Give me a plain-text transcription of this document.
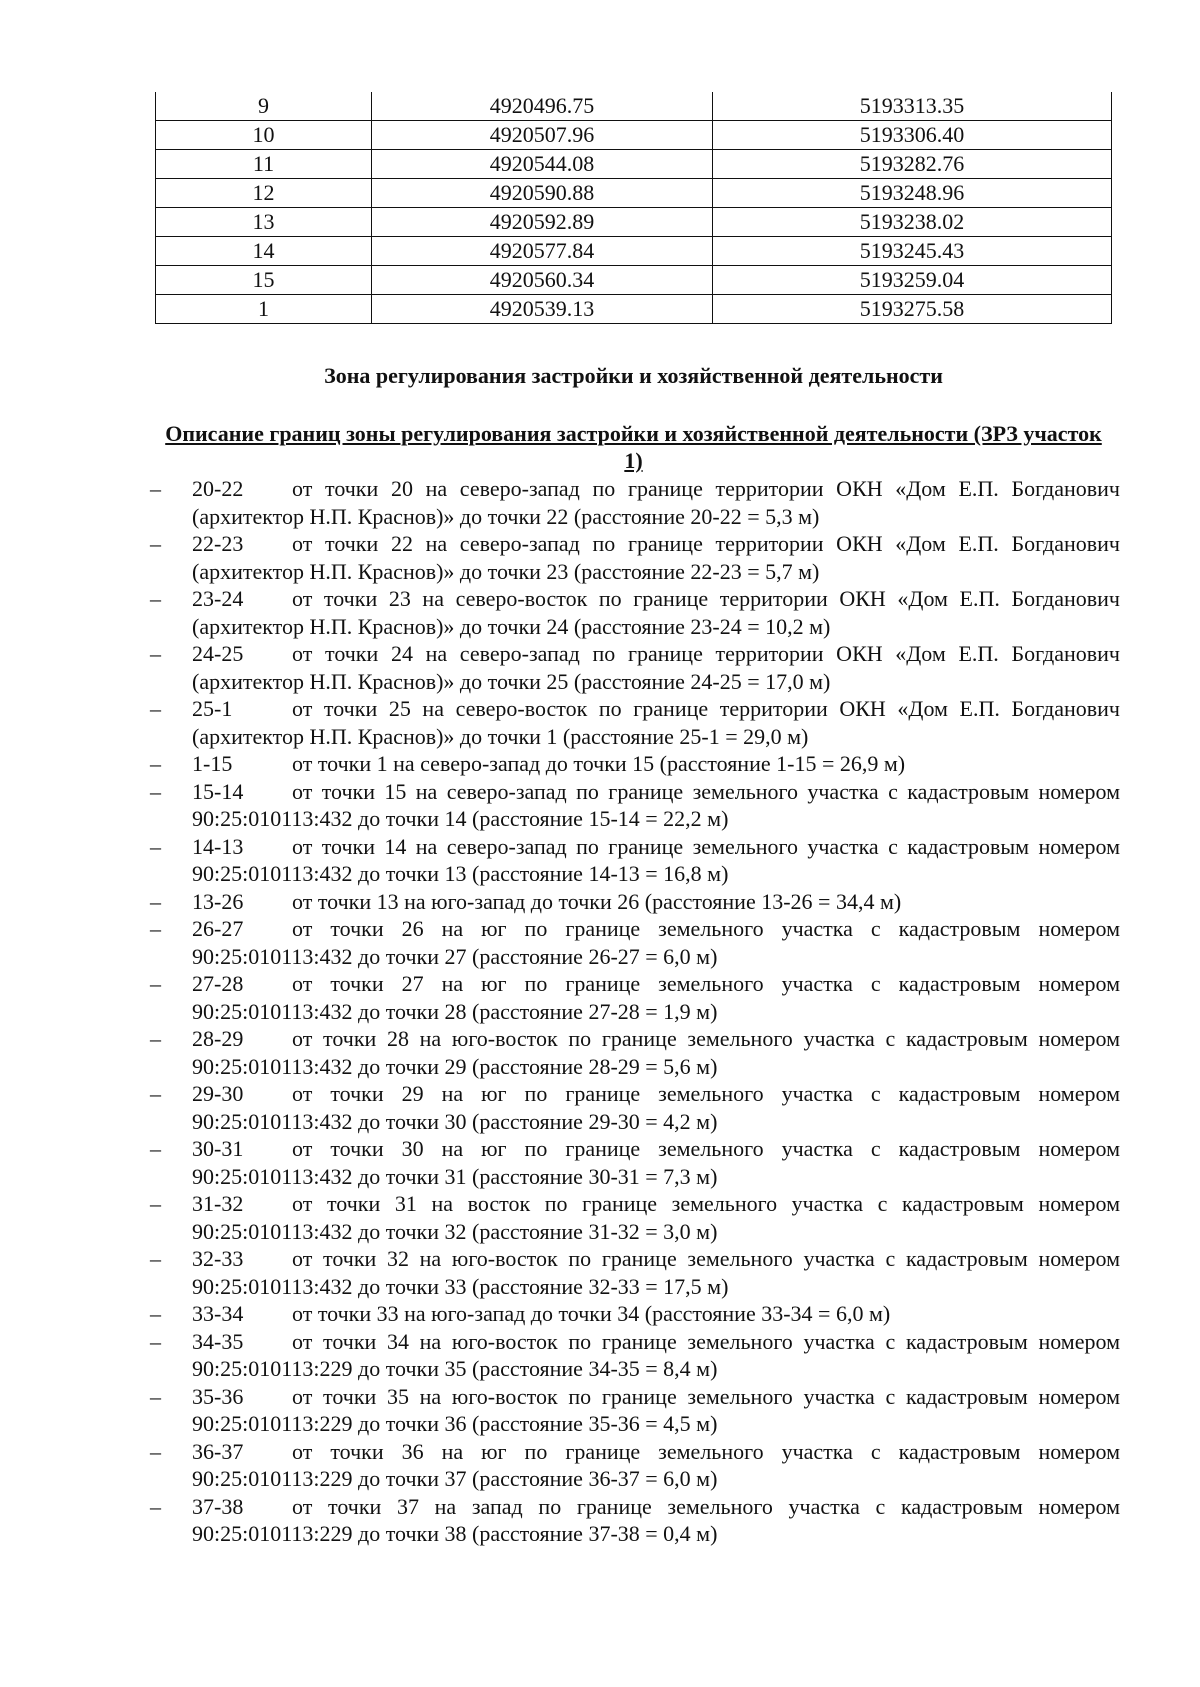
9	4920496.75	5193313.35
10	4920507.96	5193306.40
11	4920544.08	5193282.76
12	4920590.88	5193248.96
13	4920592.89	5193238.02
14	4920577.84	5193245.43
15	4920560.34	5193259.04
1	4920539.13	5193275.58
Зона регулирования застройки и хозяйственной деятельности
Описание границ зоны регулирования застройки и хозяйственной деятельности (ЗРЗ участок 1)
– 20-22 от точки 20 на северо-запад по границе территории ОКН «Дом Е.П. Богданович (архитектор Н.П. Краснов)» до точки 22 (расстояние 20-22 = 5,3 м)
– 22-23 от точки 22 на северо-запад по границе территории ОКН «Дом Е.П. Богданович (архитектор Н.П. Краснов)» до точки 23 (расстояние 22-23 = 5,7 м)
– 23-24 от точки 23 на северо-восток по границе территории ОКН «Дом Е.П. Богданович (архитектор Н.П. Краснов)» до точки 24 (расстояние 23-24 = 10,2 м)
– 24-25 от точки 24 на северо-запад по границе территории ОКН «Дом Е.П. Богданович (архитектор Н.П. Краснов)» до точки 25 (расстояние 24-25 = 17,0 м)
– 25-1	от точки 25 на северо-восток по границе территории ОКН «Дом Е.П. Богданович (архитектор Н.П. Краснов)» до точки 1 (расстояние 25-1 = 29,0 м)
– 1-15	от точки 1 на северо-запад до точки 15 (расстояние 1-15 = 26,9 м)
– 15-14 от точки 15 на северо-запад по границе земельного участка с кадастровым номером 90:25:010113:432 до точки 14 (расстояние 15-14 = 22,2 м)
– 14-13 от точки 14 на северо-запад по границе земельного участка с кадастровым номером 90:25:010113:432 до точки 13 (расстояние 14-13 = 16,8 м)
– 13-26 от точки 13 на юго-запад до точки 26 (расстояние 13-26 = 34,4 м)
– 26-27 от точки 26 на юг по границе земельного участка с кадастровым номером 90:25:010113:432 до точки 27 (расстояние 26-27 = 6,0 м)
– 27-28 от точки 27 на юг по границе земельного участка с кадастровым номером 90:25:010113:432 до точки 28 (расстояние 27-28 = 1,9 м)
– 28-29 от точки 28 на юго-восток по границе земельного участка с кадастровым номером 90:25:010113:432 до точки 29 (расстояние 28-29 = 5,6 м)
– 29-30 от точки 29 на юг по границе земельного участка с кадастровым номером 90:25:010113:432 до точки 30 (расстояние 29-30 = 4,2 м)
– 30-31 от точки 30 на юг по границе земельного участка с кадастровым номером 90:25:010113:432 до точки 31 (расстояние 30-31 = 7,3 м)
– 31-32 от точки 31 на восток по границе земельного участка с кадастровым номером 90:25:010113:432 до точки 32 (расстояние 31-32 = 3,0 м)
– 32-33 от точки 32 на юго-восток по границе земельного участка с кадастровым номером 90:25:010113:432 до точки 33 (расстояние 32-33 = 17,5 м)
– 33-34 от точки 33 на юго-запад до точки 34 (расстояние 33-34 = 6,0 м)
– 34-35 от точки 34 на юго-восток по границе земельного участка с кадастровым номером 90:25:010113:229 до точки 35 (расстояние 34-35 = 8,4 м)
– 35-36 от точки 35 на юго-восток по границе земельного участка с кадастровым номером 90:25:010113:229 до точки 36 (расстояние 35-36 = 4,5 м)
– 36-37 от точки 36 на юг по границе земельного участка с кадастровым номером 90:25:010113:229 до точки 37 (расстояние 36-37 = 6,0 м)
– 37-38 от точки 37 на запад по границе земельного участка с кадастровым номером 90:25:010113:229 до точки 38 (расстояние 37-38 = 0,4 м)
